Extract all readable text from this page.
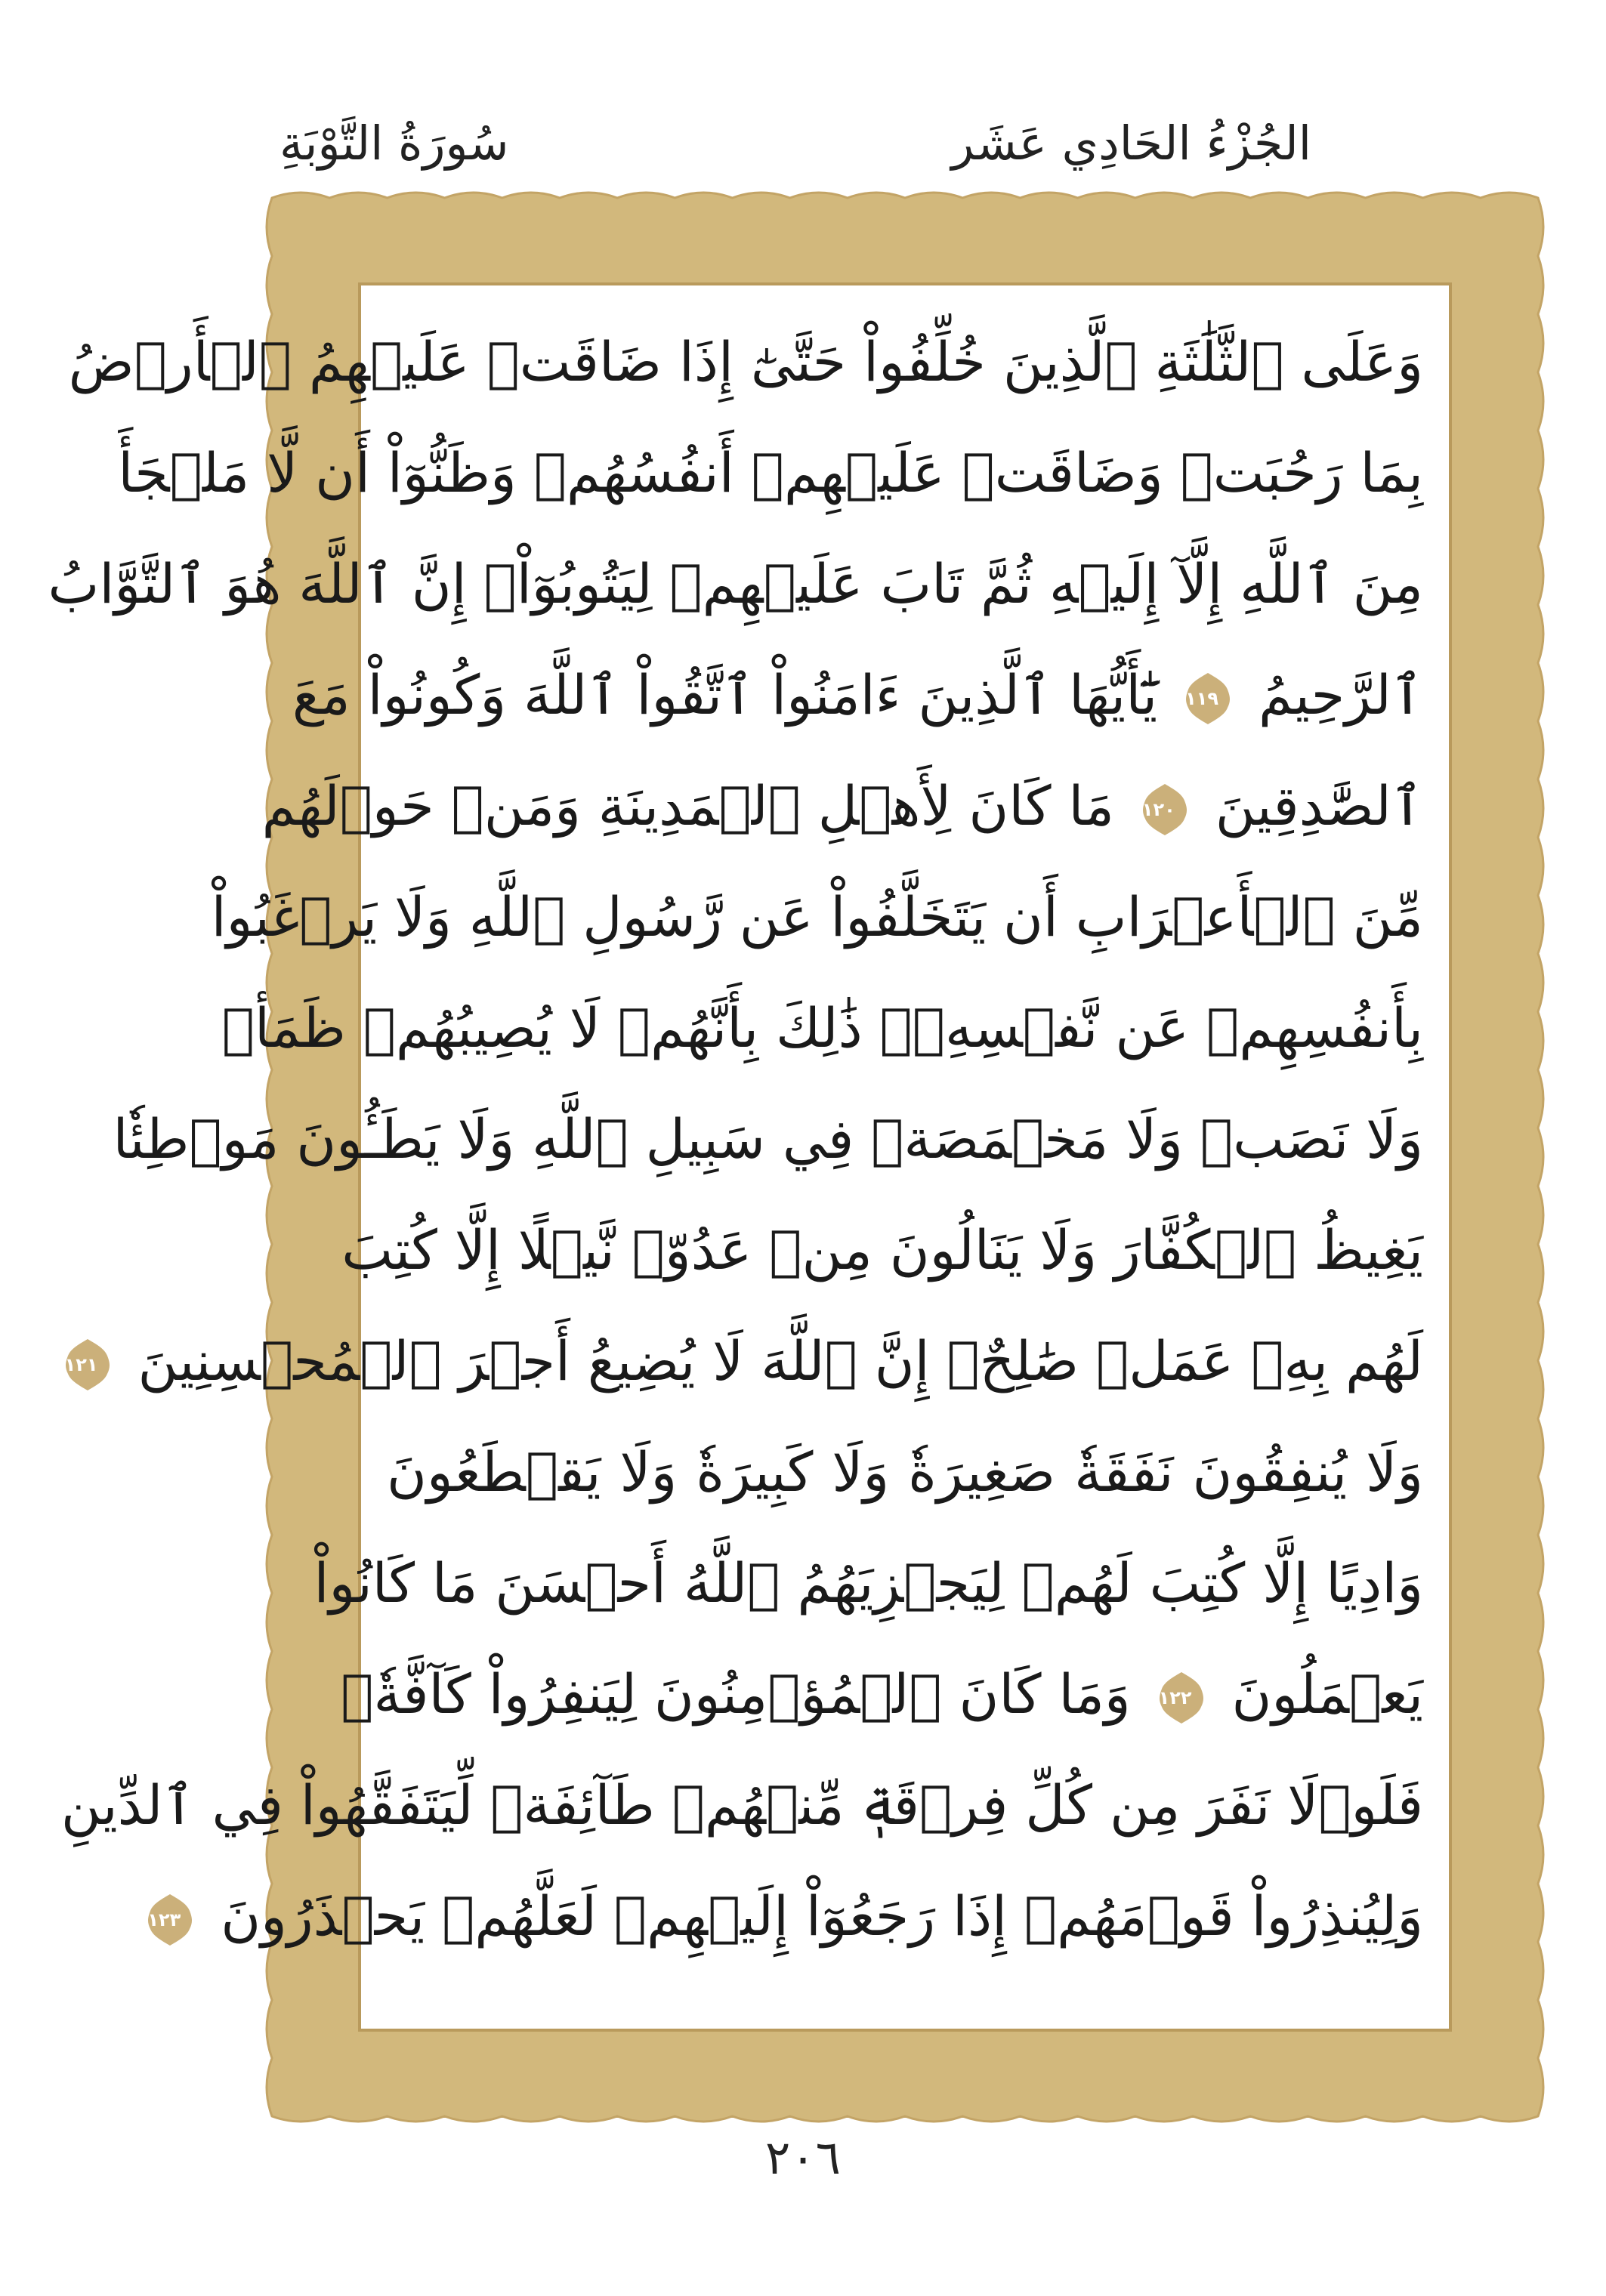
الجُزْءُ الحَادِي عَشَر
سُورَةُ التَّوْبَةِ
وَعَلَى ٱلثَّلَٰثَةِ ٱلَّذِينَ خُلِّفُواْ حَتَّىٰٓ إِذَا ضَاقَتۡ عَلَيۡهِمُ ٱلۡأَرۡضُ
بِمَا رَحُبَتۡ وَضَاقَتۡ عَلَيۡهِمۡ أَنفُسُهُمۡ وَظَنُّوٓاْ أَن لَّا مَلۡجَأَ
مِنَ ٱللَّهِ إِلَّآ إِلَيۡهِ ثُمَّ تَابَ عَلَيۡهِمۡ لِيَتُوبُوٓاْۚ إِنَّ ٱللَّهَ هُوَ ٱلتَّوَّابُ
ٱلرَّحِيمُ
١١٩
يَٰٓأَيُّهَا ٱلَّذِينَ ءَامَنُواْ ٱتَّقُواْ ٱللَّهَ وَكُونُواْ مَعَ
ٱلصَّٰدِقِينَ
١٢٠
مَا كَانَ لِأَهۡلِ ٱلۡمَدِينَةِ وَمَنۡ حَوۡلَهُم
مِّنَ ٱلۡأَعۡرَابِ أَن يَتَخَلَّفُواْ عَن رَّسُولِ ٱللَّهِ وَلَا يَرۡغَبُواْ
بِأَنفُسِهِمۡ عَن نَّفۡسِهِۦۚ ذَٰلِكَ بِأَنَّهُمۡ لَا يُصِيبُهُمۡ ظَمَأٞ
وَلَا نَصَبٞ وَلَا مَخۡمَصَةٞ فِي سَبِيلِ ٱللَّهِ وَلَا يَطَـُٔونَ مَوۡطِئٗا
يَغِيظُ ٱلۡكُفَّارَ وَلَا يَنَالُونَ مِنۡ عَدُوّٖ نَّيۡلًا إِلَّا كُتِبَ
لَهُم بِهِۦ عَمَلٞ صَٰلِحٌۚ إِنَّ ٱللَّهَ لَا يُضِيعُ أَجۡرَ ٱلۡمُحۡسِنِينَ
١٢١
وَلَا يُنفِقُونَ نَفَقَةٗ صَغِيرَةٗ وَلَا كَبِيرَةٗ وَلَا يَقۡطَعُونَ
وَادِيًا إِلَّا كُتِبَ لَهُمۡ لِيَجۡزِيَهُمُ ٱللَّهُ أَحۡسَنَ مَا كَانُواْ
يَعۡمَلُونَ
١٢٢
وَمَا كَانَ ٱلۡمُؤۡمِنُونَ لِيَنفِرُواْ كَآفَّةٗۚ
فَلَوۡلَا نَفَرَ مِن كُلِّ فِرۡقَةٖ مِّنۡهُمۡ طَآئِفَةٞ لِّيَتَفَقَّهُواْ فِي ٱلدِّينِ
وَلِيُنذِرُواْ قَوۡمَهُمۡ إِذَا رَجَعُوٓاْ إِلَيۡهِمۡ لَعَلَّهُمۡ يَحۡذَرُونَ
١٢٣
٢٠٦
